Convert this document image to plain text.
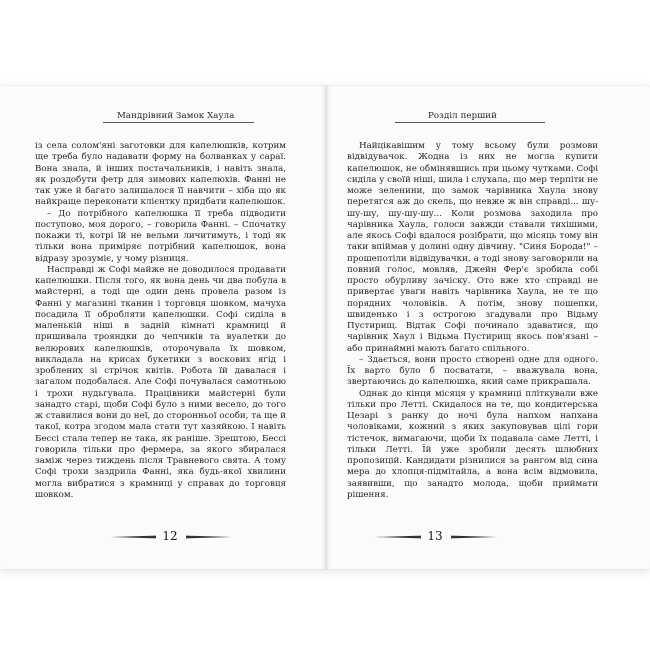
Мандрівний Замок Хаула

із села солом'яні заготовки для капелюшків, котрим ще треба було надавати форму на болванках у сараї. Вона знала, й інших постачальників, і навіть знала, як роздобути фетр для зимових капелюхів. Фанні не так уже й багато залишалося її навчити – хіба що як найкраще переконати клієнтку придбати капелюшок.

– До потрібного капелюшка її треба підводити поступово, моя дорого, – говорила Фанні. – Спочатку покажи ті, котрі їй не вельми личитимуть, і тоді як тільки вона приміряє потрібний капелюшок, вона відразу зрозуміє, у чому різниця.

Насправді ж Софі майже не доводилося продавати капелюшки. Після того, як вона день чи два побула в майстерні, а тоді ще один день провела разом із Фанні у магазині тканин і торговця шовком, мачуха посадила її обробляти капелюшки. Софі сиділа в маленькій ніші в задній кімнаті крамниці й пришивала трояндки до чепчиків та вуалетки до велюрових капелюшків, оторочувала їх шовком, викладала на крисах букетики з воскових ягід і зроблених зі стрічок квітів. Робота їй давалася і загалом подобалася. Але Софі почувалася самотньою і трохи нудьгувала. Працівники майстерні були занадто старі, щоби Софі було з ними весело, до того ж ставилися вони до неї, до сторонньої особи, та ще й такої, котра згодом мала стати тут хазяйкою. І навіть Бессі стала тепер не така, як раніше. Зрештою, Бессі говорила тільки про фермера, за якого збиралася заміж через тиждень після Травневого свята. А тому Софі трохи заздрила Фанні, яка будь-якої хвилини могла вибратися з крамниці у справах до торговця шовком.

12
Розділ перший

Найцікавішим у тому всьому були розмови відвідувачок. Жодна із них не могла купити капелюшок, не обмінявшись при цьому чутками. Софі сиділа у своїй ніші, шила і слухала, що мер терпіти не може зеленини, що замок чарівника Хаула знову перетягся аж до скель, що невже ж він справді... шу-шу-шу, шу-шу-шу... Коли розмова заходила про чарівника Хаула, голоси завжди ставали тихішими, але якось Софі вдалося розібрати, що місяць тому він таки впіймав у долині одну дівчину. "Синя Борода!" – прошепотіли відвідувачки, а тоді знову заговорили на повний голос, мовляв, Джейн Фер'є зробила собі просто обурливу зачіску. Ото вже хто справді не привертає уваги навіть чарівника Хаула, не те що порядних чоловіків. А потім, знову пошепки, швиденько і з острогою згадували про Відьму Пустирищ. Відтак Софі починало здаватися, що чарівник Хаул і Відьма Пустирищ якось пов'язані – або принаймні мають багато спільного.

– Здається, вони просто створені одне для одного. Їх варто було б посватати, – вважувала вона, звертаючись до капелюшка, який саме прикрашала.

Однак до кінця місяця у крамниці пліткували вже тільки про Летті. Скидалося на те, що кондитерська Цезарі з ранку до ночі була напхом напхана чоловіками, кожний з яких закуповував цілі гори тістечок, вимагаючи, щоби їх подавала саме Летті, і тільки Летті. Їй уже зробили десять шлюбних пропозицій. Кандидати різнилися за рангом від сина мера до хлопця-підмітайла, а вона всім відмовила, заявивши, що занадто молода, щоби приймати рішення.

13
